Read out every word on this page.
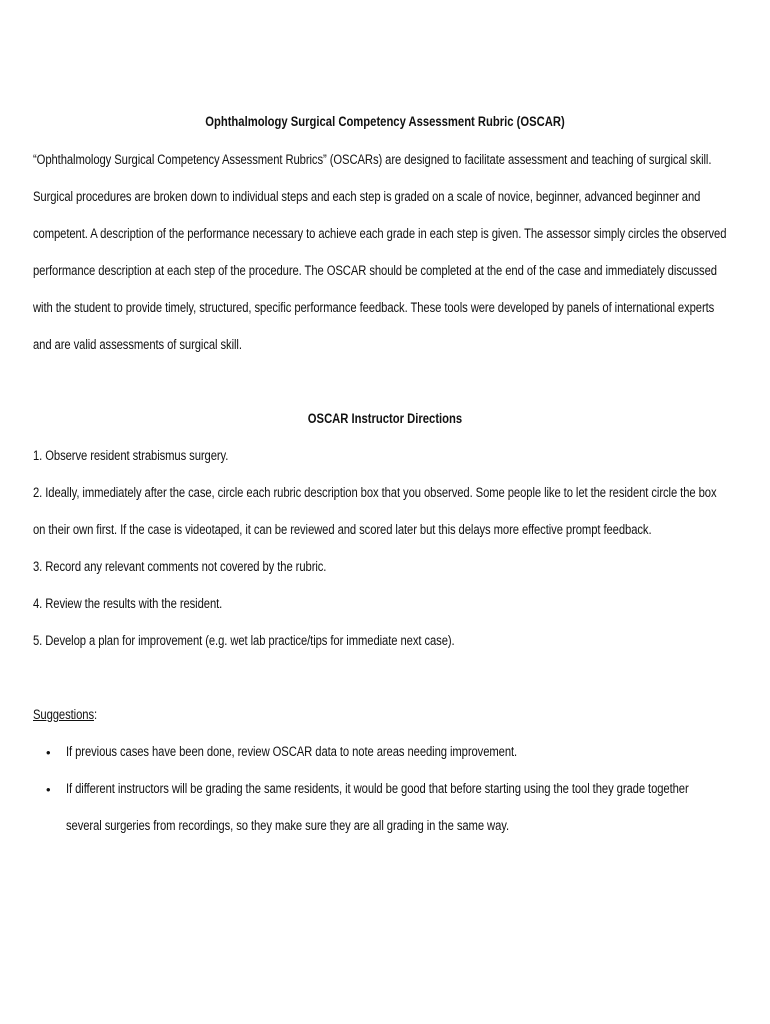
Ophthalmology Surgical Competency Assessment Rubric (OSCAR)

“Ophthalmology Surgical Competency Assessment Rubrics” (OSCARs) are designed to facilitate assessment and teaching of surgical skill.

Surgical procedures are broken down to individual steps and each step is graded on a scale of novice, beginner, advanced beginner and

competent. A description of the performance necessary to achieve each grade in each step is given. The assessor simply circles the observed

performance description at each step of the procedure. The OSCAR should be completed at the end of the case and immediately discussed

with the student to provide timely, structured, specific performance feedback. These tools were developed by panels of international experts

and are valid assessments of surgical skill.

OSCAR Instructor Directions

1. Observe resident strabismus surgery.

2. Ideally, immediately after the case, circle each rubric description box that you observed. Some people like to let the resident circle the box

on their own first. If the case is videotaped, it can be reviewed and scored later but this delays more effective prompt feedback.

3. Record any relevant comments not covered by the rubric.

4. Review the results with the resident.

5. Develop a plan for improvement (e.g. wet lab practice/tips for immediate next case).

Suggestions:

• If previous cases have been done, review OSCAR data to note areas needing improvement.

• If different instructors will be grading the same residents, it would be good that before starting using the tool they grade together

several surgeries from recordings, so they make sure they are all grading in the same way.
